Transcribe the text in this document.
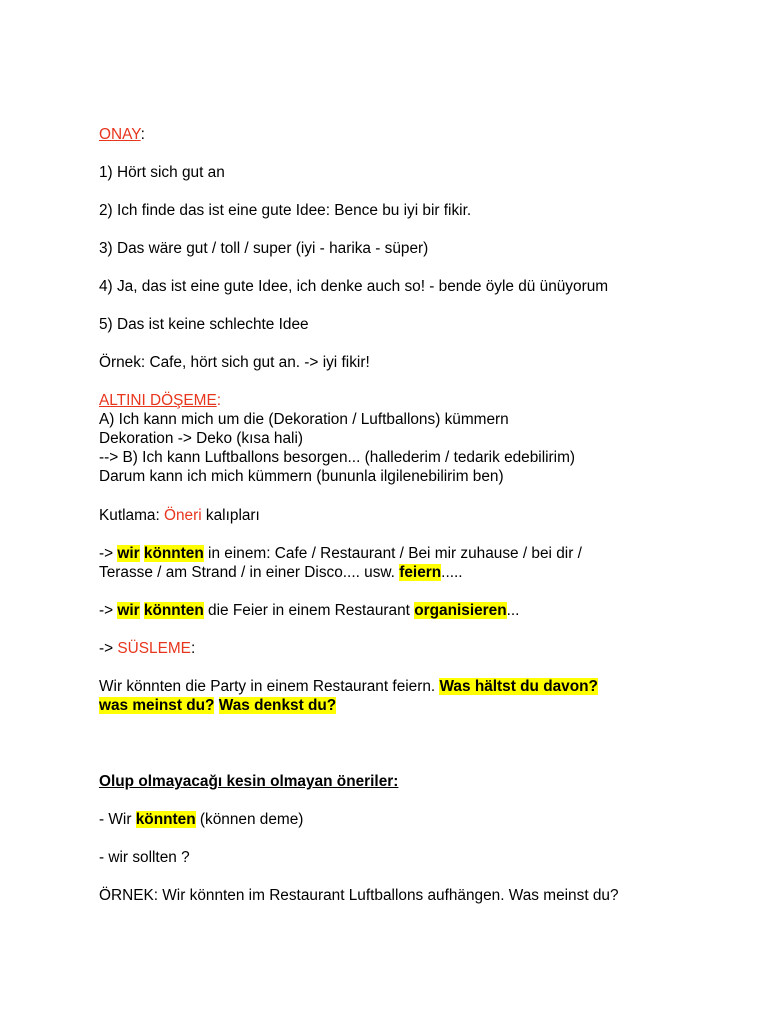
ONAY:
1) Hört sich gut an
2) Ich finde das ist eine gute Idee: Bence bu iyi bir fikir.
3) Das wäre gut / toll / super (iyi - harika - süper)
4) Ja, das ist eine gute Idee, ich denke auch so! - bende öyle dü ünüyorum
5) Das ist keine schlechte Idee
Örnek: Cafe, hört sich gut an. -> iyi fikir!
ALTINI DÖŞEME:
A) Ich kann mich um die (Dekoration / Luftballons) kümmern
Dekoration -> Deko (kısa hali)
--> B) Ich kann Luftballons besorgen... (hallederim / tedarik edebilirim)
Darum kann ich mich kümmern (bununla ilgilenebilirim ben)
Kutlama: Öneri kalıpları
-> wir könnten in einem: Cafe / Restaurant / Bei mir zuhause / bei dir /
Terasse / am Strand / in einer Disco.... usw. feiern.....
-> wir könnten die Feier in einem Restaurant organisieren...
-> SÜSLEME:
Wir könnten die Party in einem Restaurant feiern. Was hältst du davon?
was meinst du? Was denkst du?
Olup olmayacağı kesin olmayan öneriler:
- Wir könnten (können deme)
- wir sollten ?
ÖRNEK: Wir könnten im Restaurant Luftballons aufhängen. Was meinst du?
